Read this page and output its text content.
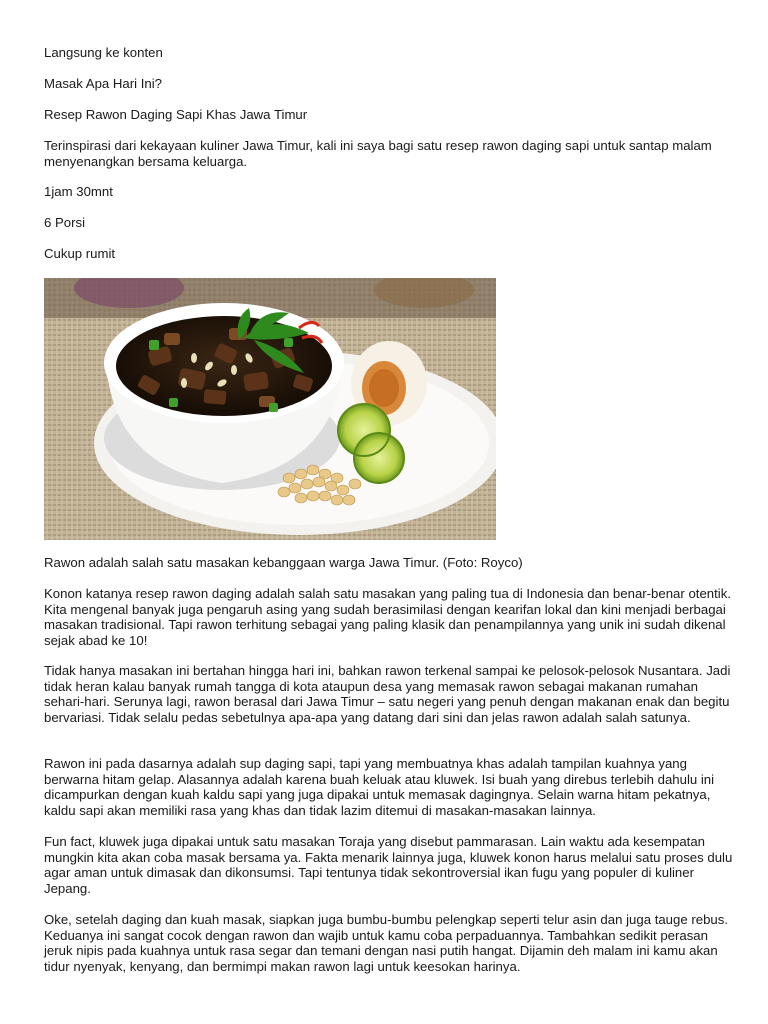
Langsung ke konten

Masak Apa Hari Ini?

Resep Rawon Daging Sapi Khas Jawa Timur

Terinspirasi dari kekayaan kuliner Jawa Timur, kali ini saya bagi satu resep rawon daging sapi untuk santap malam menyenangkan bersama keluarga.

1jam 30mnt

6 Porsi

Cukup rumit

Rawon adalah salah satu masakan kebanggaan warga Jawa Timur. (Foto: Royco)

Konon katanya resep rawon daging adalah salah satu masakan yang paling tua di Indonesia dan benar-benar otentik. Kita mengenal banyak juga pengaruh asing yang sudah berasimilasi dengan kearifan lokal dan kini menjadi berbagai masakan tradisional. Tapi rawon terhitung sebagai yang paling klasik dan penampilannya yang unik ini sudah dikenal sejak abad ke 10!

Tidak hanya masakan ini bertahan hingga hari ini, bahkan rawon terkenal sampai ke pelosok-pelosok Nusantara. Jadi tidak heran kalau banyak rumah tangga di kota ataupun desa yang memasak rawon sebagai makanan rumahan sehari-hari. Serunya lagi, rawon berasal dari Jawa Timur – satu negeri yang penuh dengan makanan enak dan begitu bervariasi. Tidak selalu pedas sebetulnya apa-apa yang datang dari sini dan jelas rawon adalah salah satunya.

Rawon ini pada dasarnya adalah sup daging sapi, tapi yang membuatnya khas adalah tampilan kuahnya yang berwarna hitam gelap. Alasannya adalah karena buah keluak atau kluwek. Isi buah yang direbus terlebih dahulu ini dicampurkan dengan kuah kaldu sapi yang juga dipakai untuk memasak dagingnya. Selain warna hitam pekatnya, kaldu sapi akan memiliki rasa yang khas dan tidak lazim ditemui di masakan-masakan lainnya.

Fun fact, kluwek juga dipakai untuk satu masakan Toraja yang disebut pammarasan. Lain waktu ada kesempatan mungkin kita akan coba masak bersama ya. Fakta menarik lainnya juga, kluwek konon harus melalui satu proses dulu agar aman untuk dimasak dan dikonsumsi. Tapi tentunya tidak sekontroversial ikan fugu yang populer di kuliner Jepang.

Oke, setelah daging dan kuah masak, siapkan juga bumbu-bumbu pelengkap seperti telur asin dan juga tauge rebus. Keduanya ini sangat cocok dengan rawon dan wajib untuk kamu coba perpaduannya. Tambahkan sedikit perasan jeruk nipis pada kuahnya untuk rasa segar dan temani dengan nasi putih hangat. Dijamin deh malam ini kamu akan tidur nyenyak, kenyang, dan bermimpi makan rawon lagi untuk keesokan harinya.
